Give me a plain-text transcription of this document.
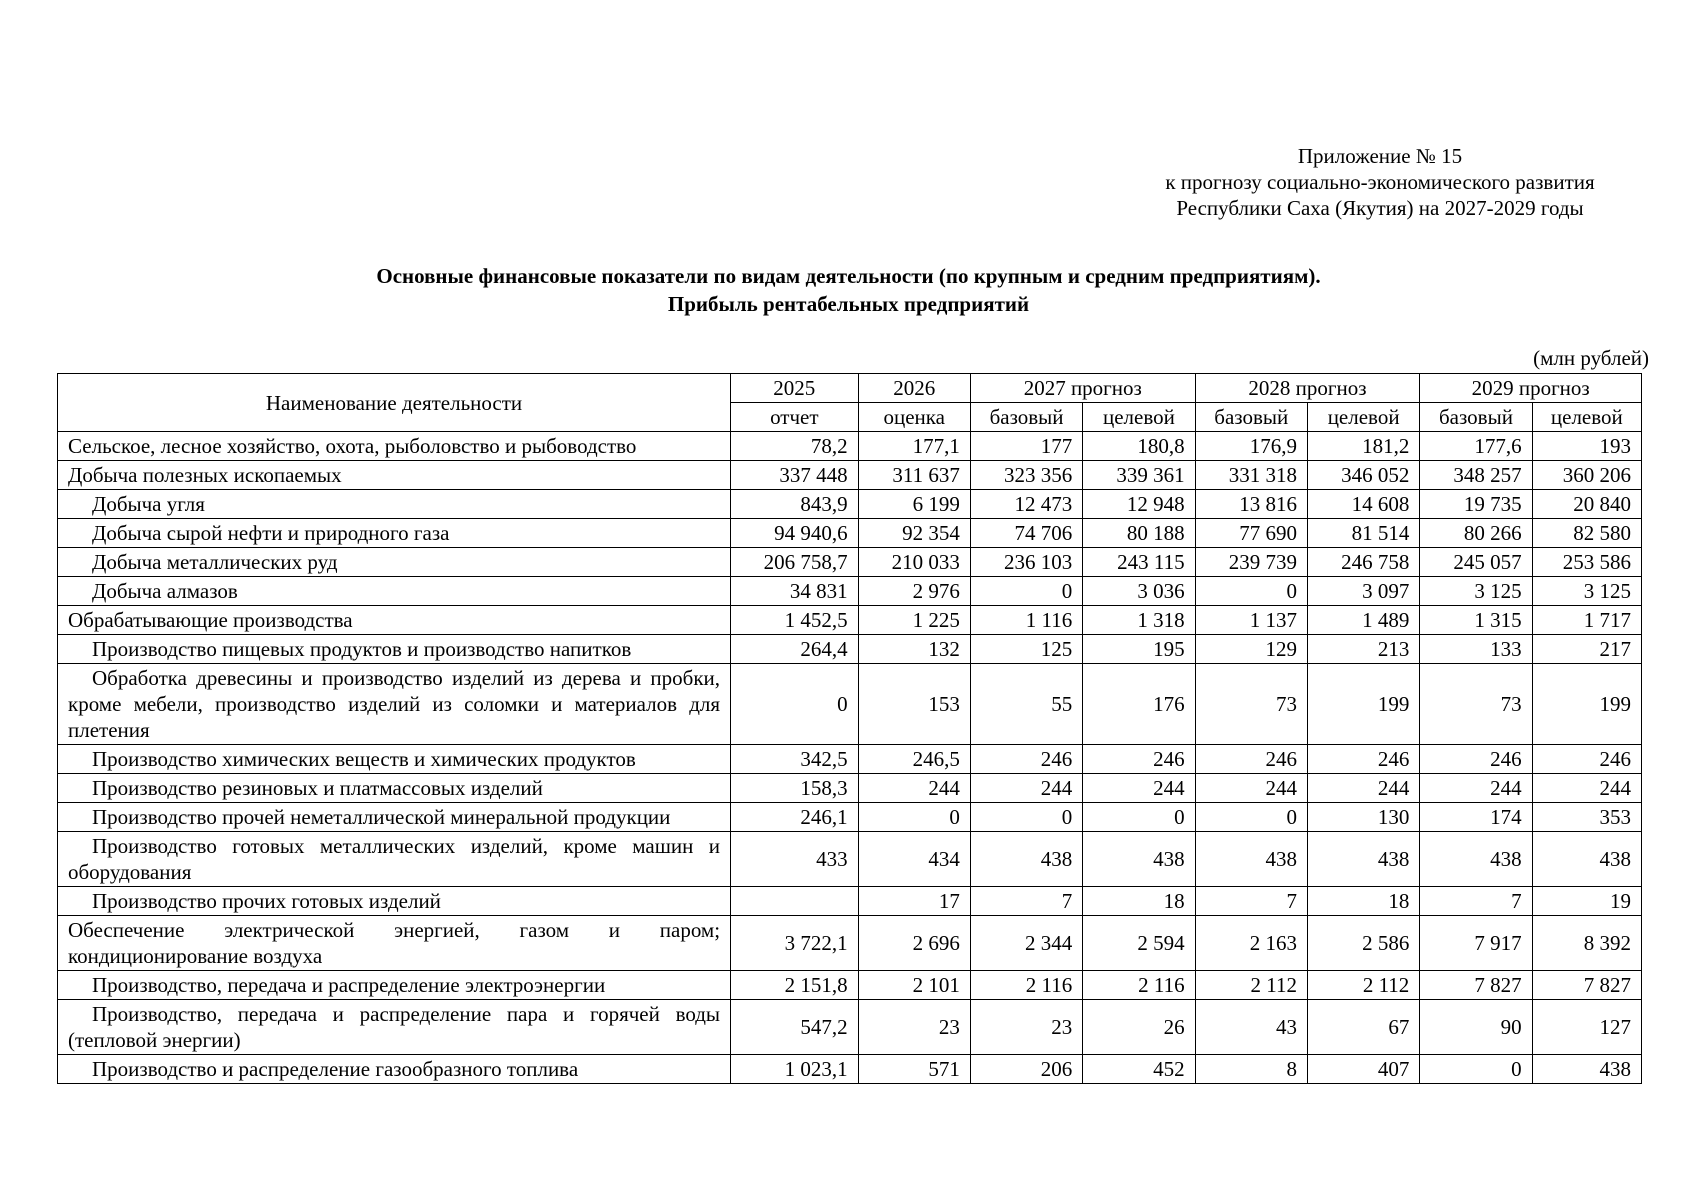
Приложение № 15
к прогнозу социально-экономического развития
Республики Саха (Якутия) на 2027-2029 годы
Основные финансовые показатели по видам деятельности (по крупным и средним предприятиям).
Прибыль рентабельных предприятий
(млн рублей)
Наименование деятельности	2025	2026	2027 прогноз		2028 прогноз		2029 прогноз	
	отчет	оценка	базовый	целевой	базовый	целевой	базовый	целевой
Сельское, лесное хозяйство, охота, рыболовство и рыбоводство	78,2	177,1	177	180,8	176,9	181,2	177,6	193
Добыча полезных ископаемых	337 448	311 637	323 356	339 361	331 318	346 052	348 257	360 206
Добыча угля	843,9	6 199	12 473	12 948	13 816	14 608	19 735	20 840
Добыча сырой нефти и природного газа	94 940,6	92 354	74 706	80 188	77 690	81 514	80 266	82 580
Добыча металлических руд	206 758,7	210 033	236 103	243 115	239 739	246 758	245 057	253 586
Добыча алмазов	34 831	2 976	0	3 036	0	3 097	3 125	3 125
Обрабатывающие производства	1 452,5	1 225	1 116	1 318	1 137	1 489	1 315	1 717
Производство пищевых продуктов и производство напитков	264,4	132	125	195	129	213	133	217
Обработка древесины и производство изделий из дерева и пробки, кроме мебели, производство изделий из соломки и материалов для плетения	0	153	55	176	73	199	73	199
Производство химических веществ и химических продуктов	342,5	246,5	246	246	246	246	246	246
Производство резиновых и платмассовых изделий	158,3	244	244	244	244	244	244	244
Производство прочей неметаллической минеральной продукции	246,1	0	0	0	0	130	174	353
Производство готовых металлических изделий, кроме машин и оборудования	433	434	438	438	438	438	438	438
Производство прочих готовых изделий		17	7	18	7	18	7	19
Обеспечение электрической энергией, газом и паром; кондиционирование воздуха	3 722,1	2 696	2 344	2 594	2 163	2 586	7 917	8 392
Производство, передача и распределение электроэнергии	2 151,8	2 101	2 116	2 116	2 112	2 112	7 827	7 827
Производство, передача и распределение пара и горячей воды (тепловой энергии)	547,2	23	23	26	43	67	90	127
Производство и распределение газообразного топлива	1 023,1	571	206	452	8	407	0	438
